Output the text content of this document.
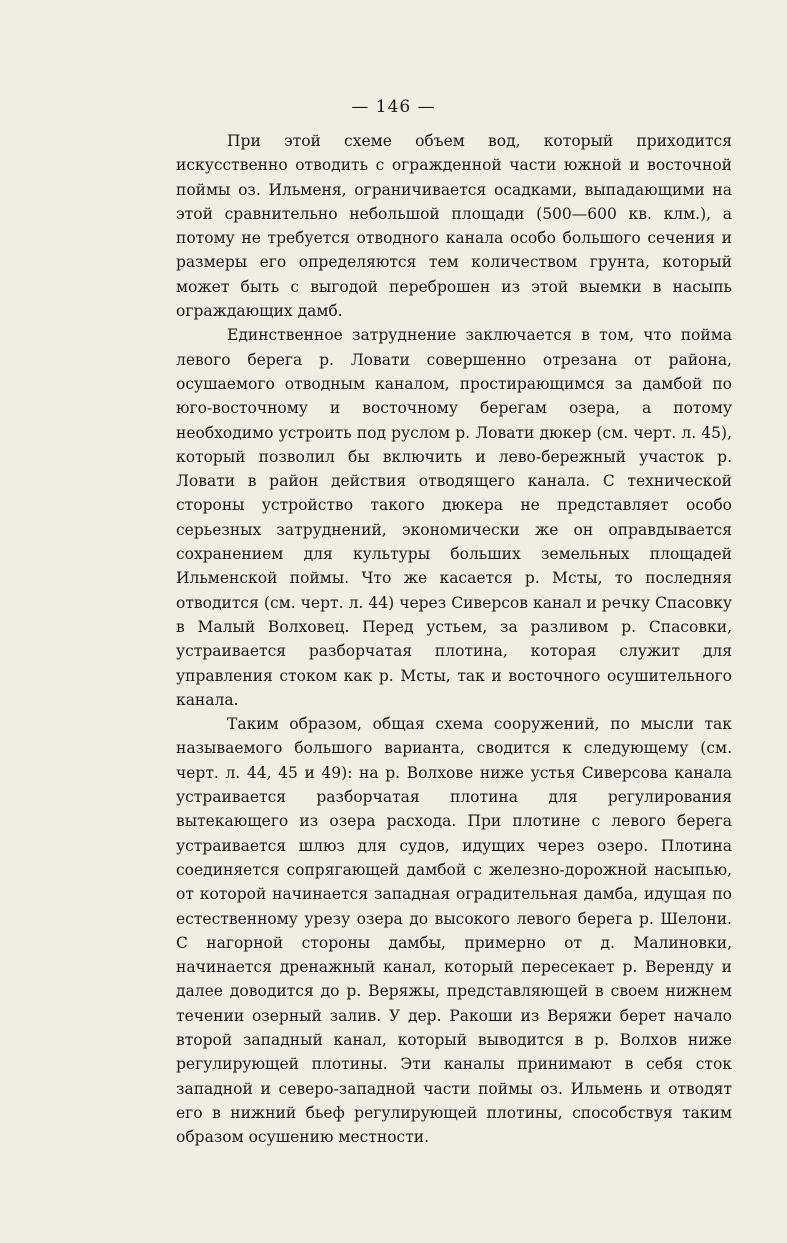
— 146 —

При этой схеме объем вод, который приходится искусственно отводить с огражденной части южной и восточной поймы оз. Ильменя, ограничивается осадками, выпадающими на этой сравнительно небольшой площади (500—600 кв. клм.), а потому не требуется отводного канала особо большого сечения и размеры его определяются тем количеством грунта, который может быть с выгодой переброшен из этой выемки в насыпь ограждающих дамб.

Единственное затруднение заключается в том, что пойма левого берега р. Ловати совершенно отрезана от района, осушаемого отводным каналом, простирающимся за дамбой по юго-восточному и восточному берегам озера, а потому необходимо устроить под руслом р. Ловати дюкер (см. черт. л. 45), который позволил бы включить и лево-бережный участок р. Ловати в район действия отводящего канала. С технической стороны устройство такого дюкера не представляет особо серьезных затруднений, экономически же он оправдывается сохранением для культуры больших земельных площадей Ильменской поймы. Что же касается р. Мсты, то последняя отводится (см. черт. л. 44) через Сиверсов канал и речку Спасовку в Малый Волховец. Перед устьем, за разливом р. Спасовки, устраивается разборчатая плотина, которая служит для управления стоком как р. Мсты, так и восточного осушительного канала.

Таким образом, общая схема сооружений, по мысли так называемого большого варианта, сводится к следующему (см. черт. л. 44, 45 и 49): на р. Волхове ниже устья Сиверсова канала устраивается разборчатая плотина для регулирования вытекающего из озера расхода. При плотине с левого берега устраивается шлюз для судов, идущих через озеро. Плотина соединяется сопрягающей дамбой с железно-дорожной насыпью, от которой начинается западная оградительная дамба, идущая по естественному урезу озера до высокого левого берега р. Шелони. С нагорной стороны дамбы, примерно от д. Малиновки, начинается дренажный канал, который пересекает р. Веренду и далее доводится до р. Веряжы, представляющей в своем нижнем течении озерный залив. У дер. Ракоши из Веряжи берет начало второй западный канал, который выводится в р. Волхов ниже регулирующей плотины. Эти каналы принимают в себя сток западной и северо-западной части поймы оз. Ильмень и отводят его в нижний бьеф регулирующей плотины, способствуя таким образом осушению местности.
